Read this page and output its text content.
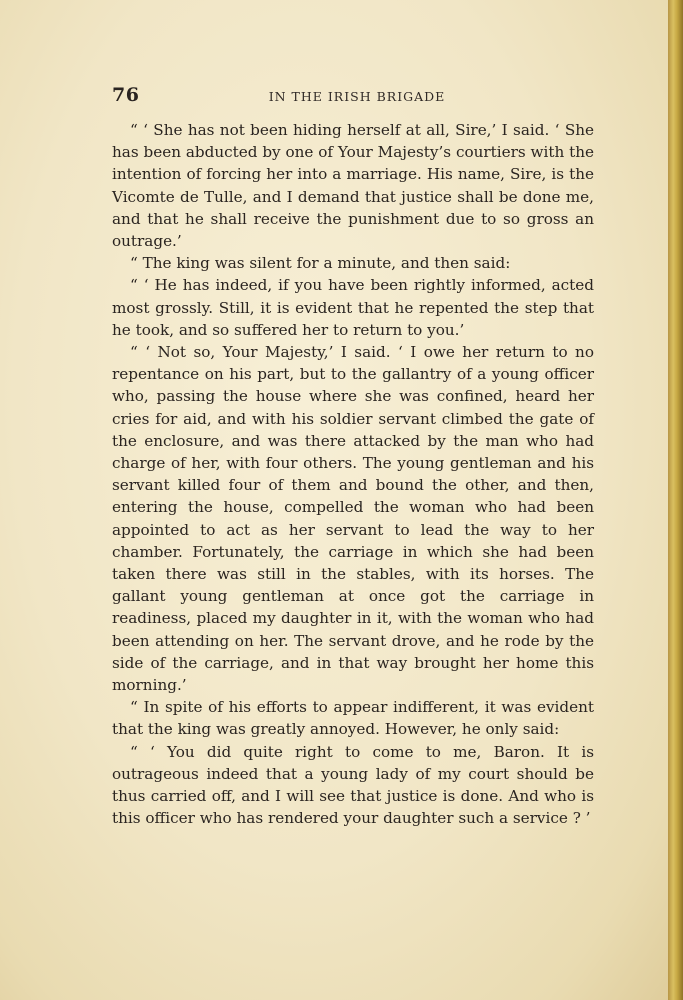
76	IN THE IRISH BRIGADE

“ ‘ She has not been hiding herself at all, Sire,’ I said. ‘ She has been abducted by one of Your Majesty’s courtiers with the intention of forcing her into a marriage. His name, Sire, is the Vicomte de Tulle, and I demand that justice shall be done me, and that he shall receive the punishment due to so gross an outrage.’

“ The king was silent for a minute, and then said:

“ ‘ He has indeed, if you have been rightly informed, acted most grossly. Still, it is evident that he repented the step that he took, and so suffered her to return to you.’

“ ‘ Not so, Your Majesty,’ I said. ‘ I owe her return to no repentance on his part, but to the gallantry of a young officer who, passing the house where she was confined, heard her cries for aid, and with his soldier servant climbed the gate of the enclosure, and was there attacked by the man who had charge of her, with four others. The young gentleman and his servant killed four of them and bound the other, and then, entering the house, compelled the woman who had been appointed to act as her servant to lead the way to her chamber. Fortunately, the carriage in which she had been taken there was still in the stables, with its horses. The gallant young gentleman at once got the carriage in readiness, placed my daughter in it, with the woman who had been attending on her. The servant drove, and he rode by the side of the carriage, and in that way brought her home this morning.’

“ In spite of his efforts to appear indifferent, it was evident that the king was greatly annoyed. However, he only said:

“ ‘ You did quite right to come to me, Baron. It is outrageous indeed that a young lady of my court should be thus carried off, and I will see that justice is done. And who is this officer who has rendered your daughter such a service ? ’
